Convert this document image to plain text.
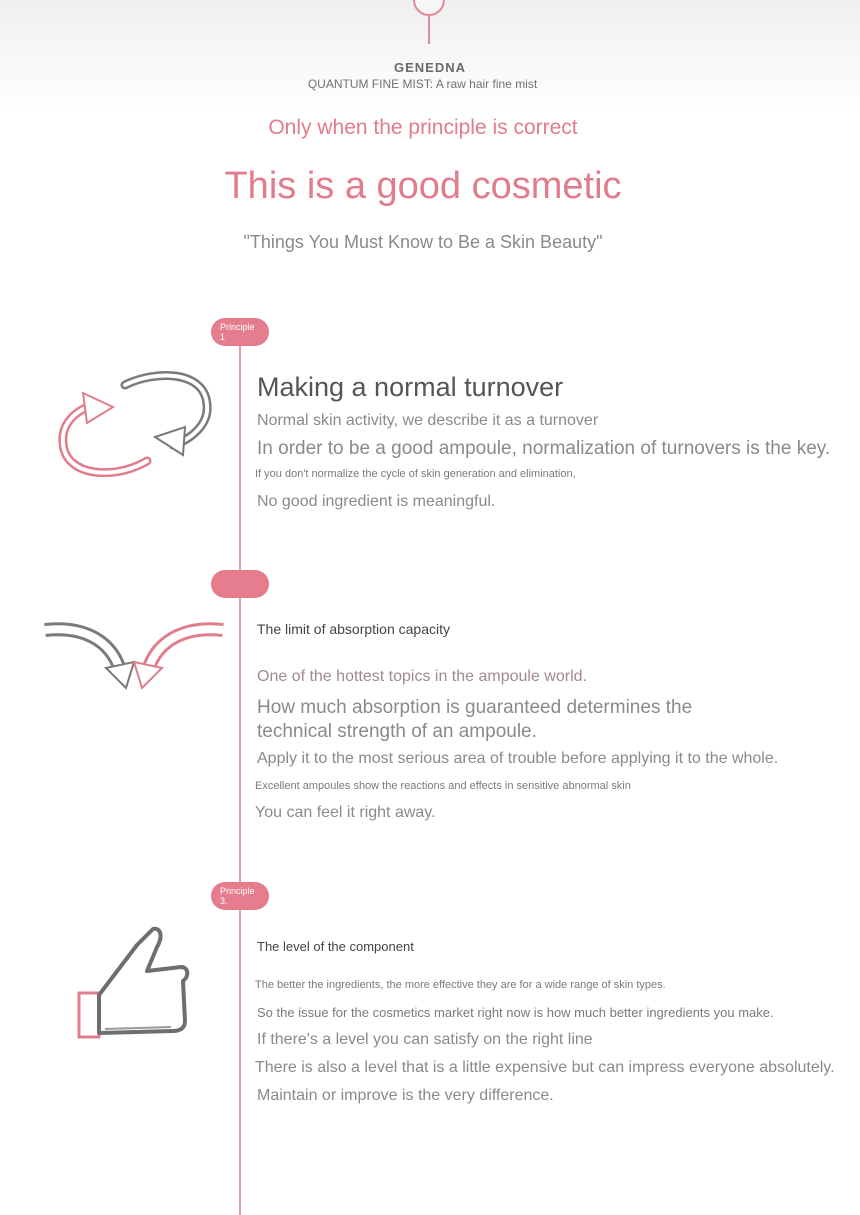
GENEDNA
QUANTUM FINE MIST: A raw hair fine mist
Only when the principle is correct
This is a good cosmetic
"Things You Must Know to Be a Skin Beauty"
Principle
1
Making a normal turnover
Normal skin activity, we describe it as a turnover
In order to be a good ampoule, normalization of turnovers is the key.
If you don't normalize the cycle of skin generation and elimination,
No good ingredient is meaningful.

The limit of absorption capacity
One of the hottest topics in the ampoule world.
How much absorption is guaranteed determines the technical strength of an ampoule.
Apply it to the most serious area of trouble before applying it to the whole.
Excellent ampoules show the reactions and effects in sensitive abnormal skin
You can feel it right away.
Principle
3.
The level of the component
The better the ingredients, the more effective they are for a wide range of skin types.
So the issue for the cosmetics market right now is how much better ingredients you make.
If there's a level you can satisfy on the right line
There is also a level that is a little expensive but can impress everyone absolutely.
Maintain or improve is the very difference.
